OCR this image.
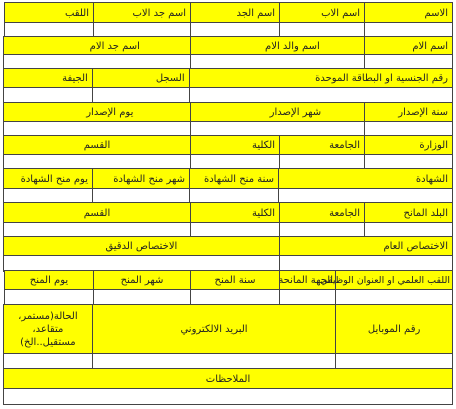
الاسم
اسم الاب
اسم الجد
اسم جد الاب
اللقب
اسم الام
اسم والد الام
اسم جد الام
رقم الجنسية او البطاقة الموحدة
السجل
الجيفة
سنة الإصدار
شهر الإصدار
يوم الإصدار
الوزارة
الجامعة
الكلية
القسم
الشهادة
سنة منح الشهادة
شهر منح الشهادة
يوم منح الشهادة
البلد المانح
الجامعة
الكلية
القسم
الاختصاص العام
الاختصاص الدقيق
اللقب العلمي او العنوان الوظيفي
الجهة المانحة
سنة المنح
شهر المنح
يوم المنح
رقم الموبايل
البريد الالكتروني
الحالة(مستمر، متقاعد، مستقيل..الخ)
الملاحظات
